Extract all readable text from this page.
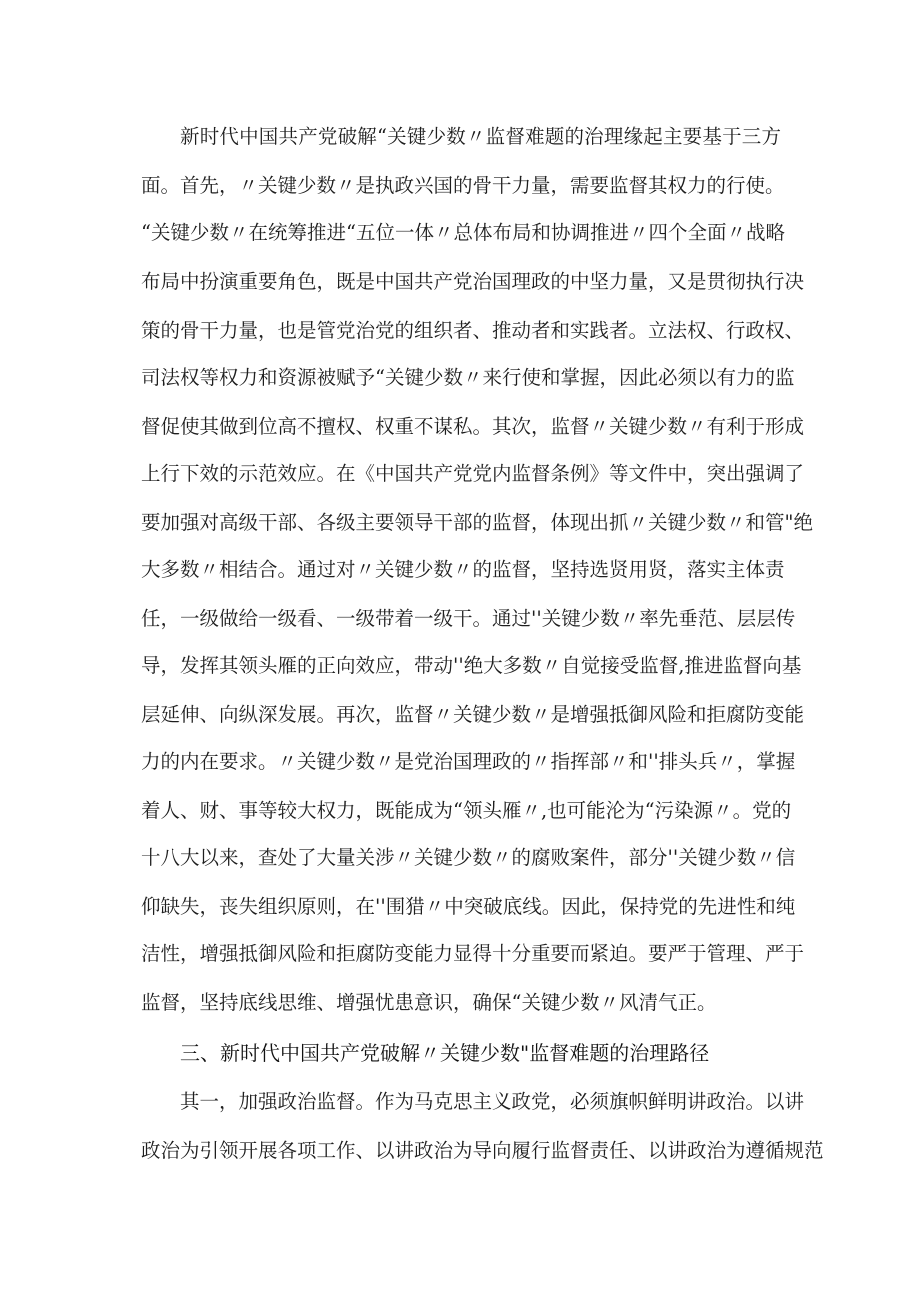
新时代中国共产党破解“关键少数〃监督难题的治理缘起主要基于三方
面。首先，〃关键少数〃是执政兴国的骨干力量，需要监督其权力的行使。
“关键少数〃在统筹推进“五位一体〃总体布局和协调推进〃四个全面〃战略
布局中扮演重要角色，既是中国共产党治国理政的中坚力量，又是贯彻执行决
策的骨干力量，也是管党治党的组织者、推动者和实践者。立法权、行政权、
司法权等权力和资源被赋予“关键少数〃来行使和掌握，因此必须以有力的监
督促使其做到位高不擅权、权重不谋私。其次，监督〃关键少数〃有利于形成
上行下效的示范效应。在《中国共产党党内监督条例》等文件中，突出强调了
要加强对高级干部、各级主要领导干部的监督，体现出抓〃关键少数〃和管"绝
大多数〃相结合。通过对〃关键少数〃的监督，坚持选贤用贤，落实主体责
任，一级做给一级看、一级带着一级干。通过''关键少数〃率先垂范、层层传
导，发挥其领头雁的正向效应，带动''绝大多数〃自觉接受监督,推进监督向基
层延伸、向纵深发展。再次，监督〃关键少数〃是增强抵御风险和拒腐防变能
力的内在要求。〃关键少数〃是党治国理政的〃指挥部〃和''排头兵〃，掌握
着人、财、事等较大权力，既能成为“领头雁〃,也可能沦为“污染源〃。党的
十八大以来，查处了大量关涉〃关键少数〃的腐败案件，部分''关键少数〃信
仰缺失，丧失组织原则，在''围猎〃中突破底线。因此，保持党的先进性和纯
洁性，增强抵御风险和拒腐防变能力显得十分重要而紧迫。要严于管理、严于
监督，坚持底线思维、增强忧患意识，确保“关键少数〃风清气正。
三、新时代中国共产党破解〃关键少数"监督难题的治理路径
其一，加强政治监督。作为马克思主义政党，必须旗帜鲜明讲政治。以讲
政治为引领开展各项工作、以讲政治为导向履行监督责任、以讲政治为遵循规范
